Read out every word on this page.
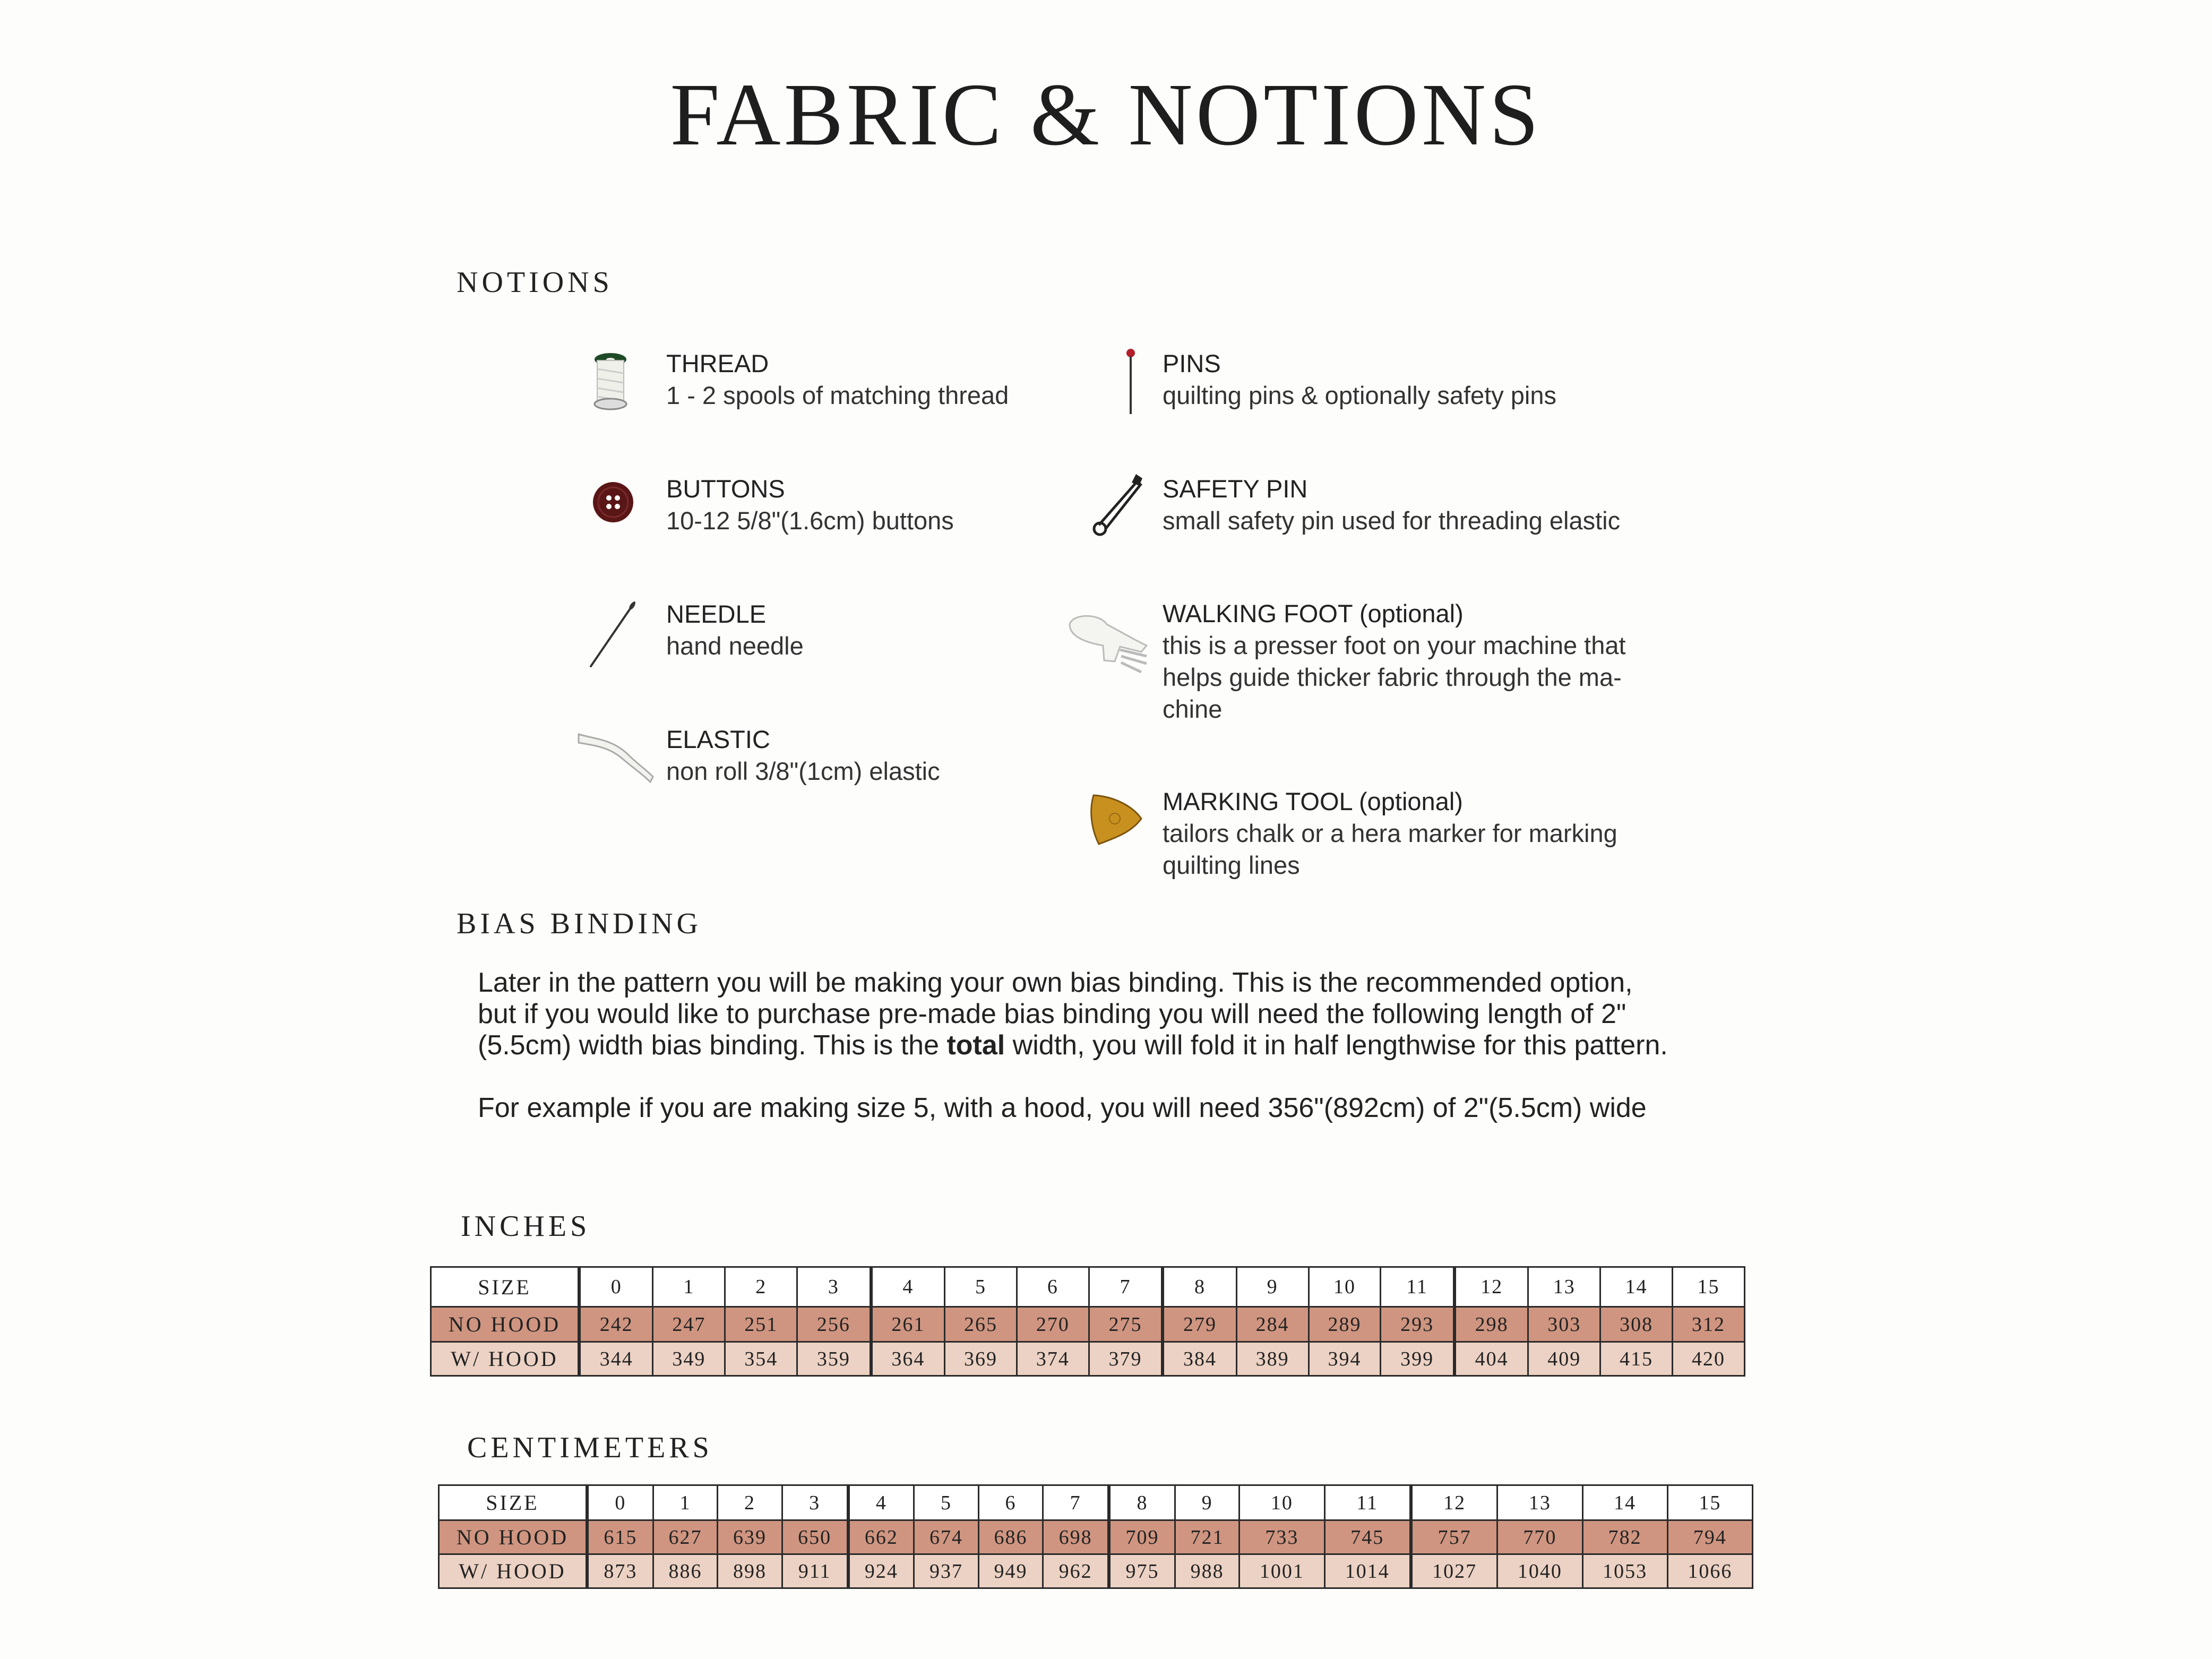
FABRIC & NOTIONS
NOTIONS
THREAD
1 - 2 spools of matching thread
BUTTONS
10-12 5/8"(1.6cm) buttons
NEEDLE
hand needle
ELASTIC
non roll 3/8"(1cm) elastic
PINS
quilting pins & optionally safety pins
SAFETY PIN
small safety pin used for threading elastic
WALKING FOOT (optional)
this is a presser foot on your machine that helps guide thicker fabric through the ma-chine
MARKING TOOL (optional)
tailors chalk or a hera marker for marking quilting lines
BIAS BINDING

Later in the pattern you will be making your own bias binding. This is the recommended option, but if you would like to purchase pre-made bias binding you will need the following length of 2"(5.5cm) width bias binding. This is the total width, you will fold it in half lengthwise for this pattern.

For example if you are making size 5, with a hood, you will need 356"(892cm) of 2"(5.5cm) wide

INCHES
SIZE	0	1	2	3	4	5	6	7	8	9	10	11	12	13	14	15
NO HOOD	242	247	251	256	261	265	270	275	279	284	289	293	298	303	308	312
W/ HOOD	344	349	354	359	364	369	374	379	384	389	394	399	404	409	415	420
CENTIMETERS
SIZE	0	1	2	3	4	5	6	7	8	9	10	11	12	13	14	15
NO HOOD	615	627	639	650	662	674	686	698	709	721	733	745	757	770	782	794
W/ HOOD	873	886	898	911	924	937	949	962	975	988	1001	1014	1027	1040	1053	1066
